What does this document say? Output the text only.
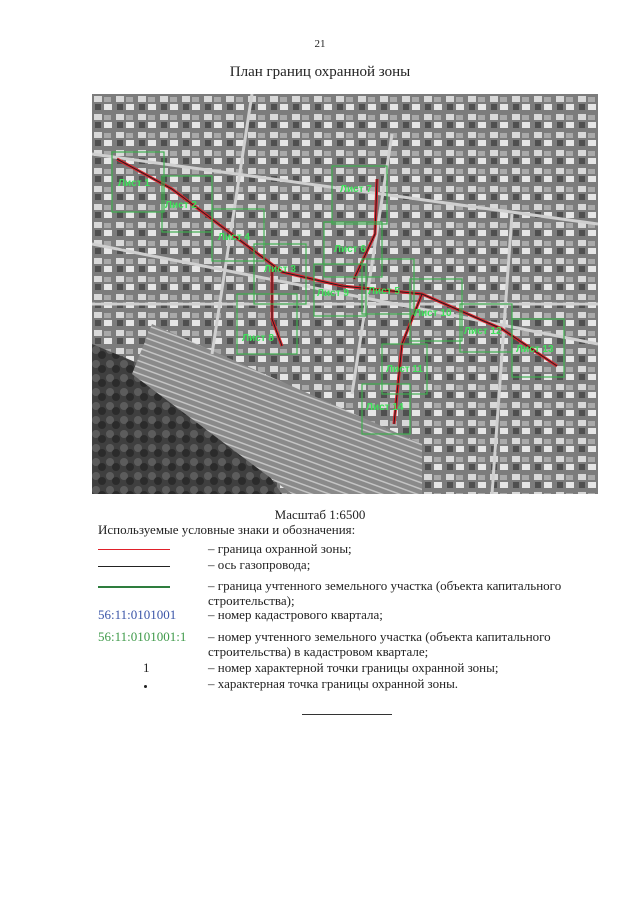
21
План границ охранной зоны
Лист 1
Лист 2
Лист 3
Лист 4
Лист 5
Лист 6
Лист 7
Лист 8
Лист 9
Лист 10
Лист 11
Лист 12
Лист 13
Лист 14
Масштаб 1:6500
Используемые условные знаки и обозначения:
– граница охранной зоны;
– ось газопровода;
– граница учтенного земельного участка (объекта капитального строительства);
56:11:0101001	– номер кадастрового квартала;
56:11:0101001:1	– номер учтенного земельного участка (объекта капитального строительства) в кадастровом квартале;
1	– номер характерной точки границы охранной зоны;
– характерная точка границы охранной зоны.
